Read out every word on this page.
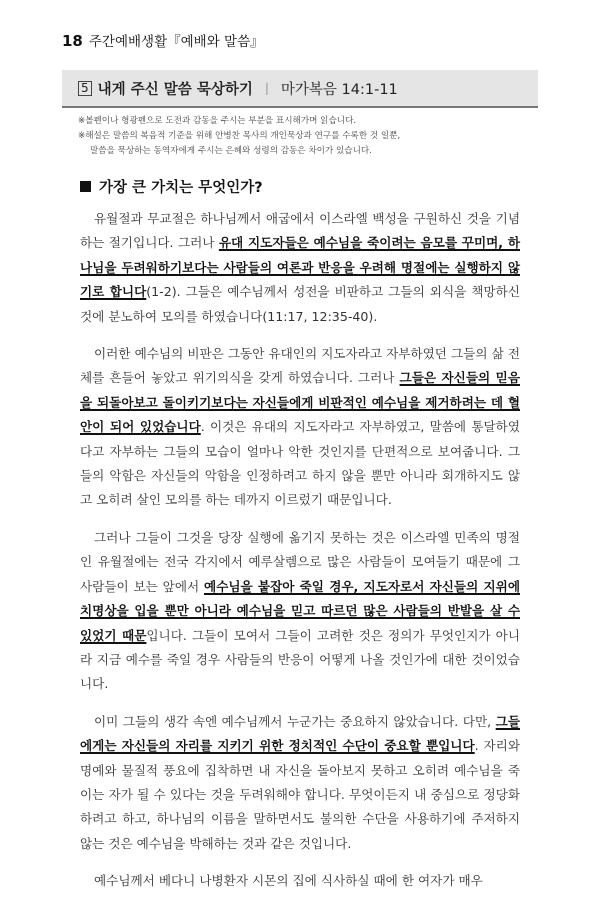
18 주간예배생활『예배와 말씀』
5 내게 주신 말씀 묵상하기 | 마가복음 14:1-11
※볼펜이나 형광펜으로 도전과 감동을 주시는 부분을 표시해가며 읽습니다.
※해설은 말씀의 복음적 기준을 위해 안병찬 목사의 개인묵상과 연구를 수록한 것 일뿐,
말씀을 묵상하는 동역자에게 주시는 은혜와 성령의 감동은 차이가 있습니다.
가장 큰 가치는 무엇인가?

유월절과 무교절은 하나님께서 애굽에서 이스라엘 백성을 구원하신 것을 기념하는 절기입니다. 그러나 유대 지도자들은 예수님을 죽이려는 음모를 꾸미며, 하나님을 두려워하기보다는 사람들의 여론과 반응을 우려해 명절에는 실행하지 않기로 합니다(1-2). 그들은 예수님께서 성전을 비판하고 그들의 외식을 책망하신 것에 분노하여 모의를 하였습니다(11:17, 12:35-40).

이러한 예수님의 비판은 그동안 유대인의 지도자라고 자부하였던 그들의 삶 전체를 흔들어 놓았고 위기의식을 갖게 하였습니다. 그러나 그들은 자신들의 믿음을 되돌아보고 돌이키기보다는 자신들에게 비판적인 예수님을 제거하려는 데 혈안이 되어 있었습니다. 이것은 유대의 지도자라고 자부하였고, 말씀에 통달하였다고 자부하는 그들의 모습이 얼마나 악한 것인지를 단편적으로 보여줍니다. 그들의 악함은 자신들의 악함을 인정하려고 하지 않을 뿐만 아니라 회개하지도 않고 오히려 살인 모의를 하는 데까지 이르렀기 때문입니다.

그러나 그들이 그것을 당장 실행에 옮기지 못하는 것은 이스라엘 민족의 명절인 유월절에는 전국 각지에서 예루살렘으로 많은 사람들이 모여들기 때문에 그 사람들이 보는 앞에서 예수님을 붙잡아 죽일 경우, 지도자로서 자신들의 지위에 치명상을 입을 뿐만 아니라 예수님을 믿고 따르던 많은 사람들의 반발을 살 수 있었기 때문입니다. 그들이 모여서 그들이 고려한 것은 정의가 무엇인지가 아니라 지금 예수를 죽일 경우 사람들의 반응이 어떻게 나올 것인가에 대한 것이었습니다.

이미 그들의 생각 속엔 예수님께서 누군가는 중요하지 않았습니다. 다만, 그들에게는 자신들의 자리를 지키기 위한 정치적인 수단이 중요할 뿐입니다. 자리와 명예와 물질적 풍요에 집착하면 내 자신을 돌아보지 못하고 오히려 예수님을 죽이는 자가 될 수 있다는 것을 두려워해야 합니다. 무엇이든지 내 중심으로 정당화하려고 하고, 하나님의 이름을 말하면서도 불의한 수단을 사용하기에 주저하지 않는 것은 예수님을 박해하는 것과 같은 것입니다.

예수님께서 베다니 나병환자 시몬의 집에 식사하실 때에 한 여자가 매우
